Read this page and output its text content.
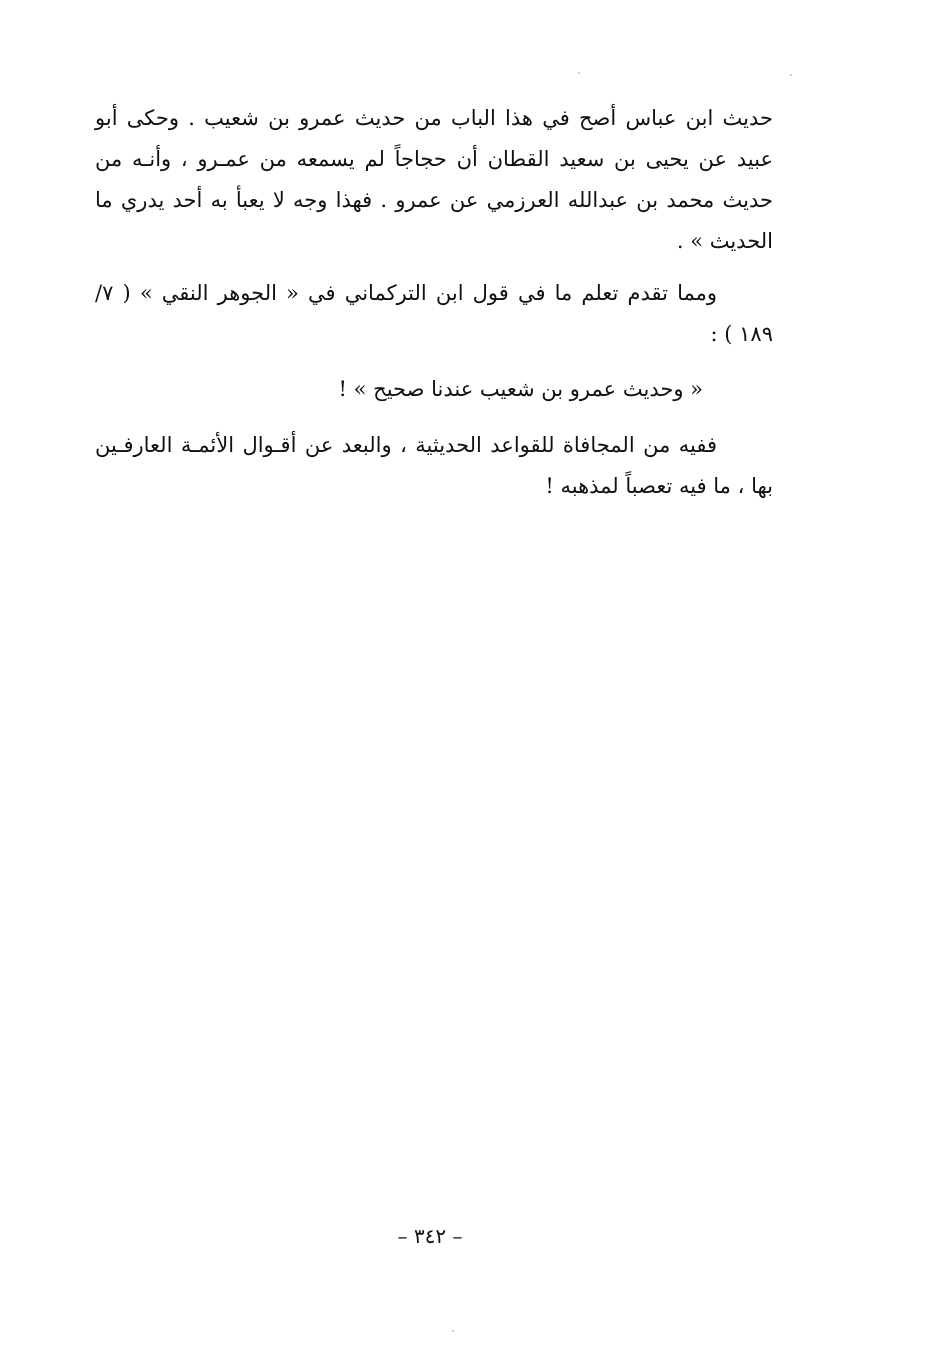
حديث ابن عباس أصح في هذا الباب من حديث عمرو بن شعيب . وحكى أبو عبيد عن يحيى بن سعيد القطان أن حجاجاً لم يسمعه من عمـرو ، وأنـه من حديث محمد بن عبدالله العرزمي عن عمرو . فهذا وجه لا يعبأ به أحد يدري ما الحديث » .

ومما تقدم تعلم ما في قول ابن التركماني في « الجوهر النقي » ( ٧/ ١٨٩ ) :

« وحديث عمرو بن شعيب عندنا صحيح » !

ففيه من المجافاة للقواعد الحديثية ، والبعد عن أقـوال الأئمـة العارفـين بها ، ما فيه تعصباً لمذهبه !

– ٣٤٢ –
